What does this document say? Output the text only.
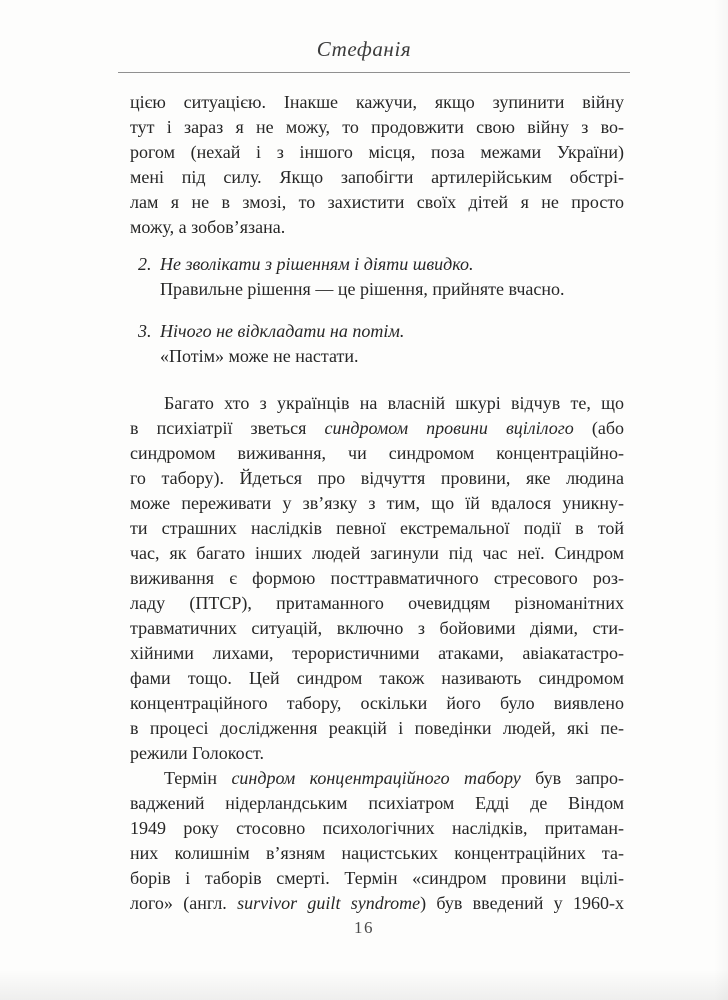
Стефанія
цією ситуацією. Інакше кажучи, якщо зупинити війну
тут і зараз я не можу, то продовжити свою війну з во-
рогом (нехай і з іншого місця, поза межами України)
мені під силу. Якщо запобігти артилерійським обстрі-
лам я не в змозі, то захистити своїх дітей я не просто
можу, а зобов’язана.
2. Не зволікати з рішенням і діяти швидко.
Правильне рішення — це рішення, прийняте вчасно.
3. Нічого не відкладати на потім.
«Потім» може не настати.
Багато хто з українців на власній шкурі відчув те, що
в психіатрії зветься синдромом провини вцілілого (або
синдромом виживання, чи синдромом концентраційно-
го табору). Йдеться про відчуття провини, яке людина
може переживати у зв’язку з тим, що їй вдалося уникну-
ти страшних наслідків певної екстремальної події в той
час, як багато інших людей загинули під час неї. Синдром
виживання є формою посттравматичного стресового роз-
ладу (ПТСР), притаманного очевидцям різноманітних
травматичних ситуацій, включно з бойовими діями, сти-
хійними лихами, терористичними атаками, авіакатастро-
фами тощо. Цей синдром також називають синдромом
концентраційного табору, оскільки його було виявлено
в процесі дослідження реакцій і поведінки людей, які пе-
режили Голокост.
Термін синдром концентраційного табору був запро-
ваджений нідерландським психіатром Едді де Віндом
1949 року стосовно психологічних наслідків, притаман-
них колишнім в’язням нацистських концентраційних та-
борів і таборів смерті. Термін «синдром провини вцілі-
лого» (англ. survivor guilt syndrome) був введений у 1960-х
16
